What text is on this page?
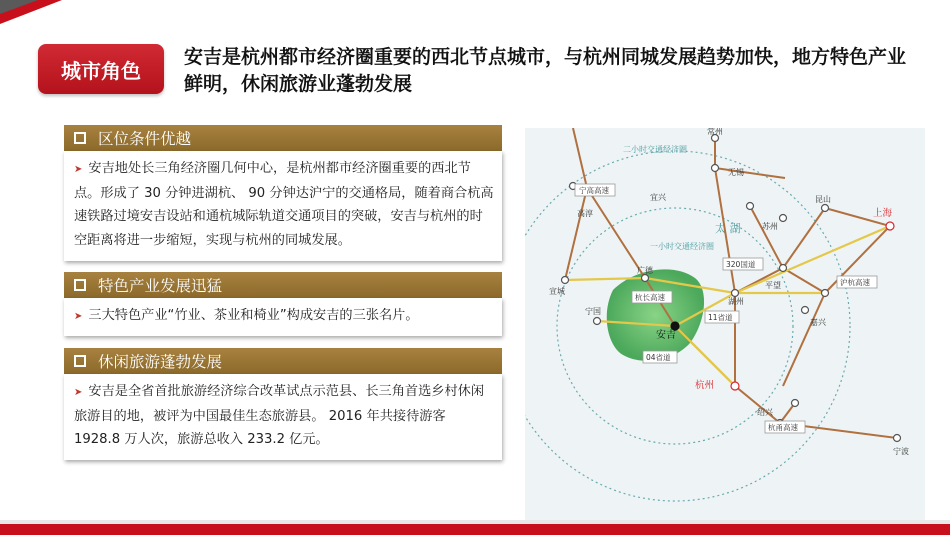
城市角色
安吉是杭州都市经济圈重要的西北节点城市，与杭州同城发展趋势加快，地方特色产业鲜明，休闲旅游业蓬勃发展
区位条件优越
➤ 安吉地处长三角经济圈几何中心，是杭州都市经济圈重要的西北节点。形成了 30 分钟进湖杭、 90 分钟达沪宁的交通格局，随着商合杭高速铁路过境安吉设站和通杭城际轨道交通项目的突破，安吉与杭州的时空距离将进一步缩短，实现与杭州的同城发展。
特色产业发展迅猛
➤ 三大特色产业“竹业、茶业和椅业”构成安吉的三张名片。
休闲旅游蓬勃发展
➤ 安吉是全省首批旅游经济综合改革试点示范县、长三角首选乡村休闲旅游目的地，被评为中国最佳生态旅游县。 2016 年共接待游客 1928.8 万人次，旅游总收入 233.2 亿元。
二小时交通经济圈
一小时交通经济圈
太 湖
常州
无锡
昆山
上海
苏州
高淳
宜兴
广德
宣城
宁国
安吉
湖州
平望
嘉兴
杭州
绍兴
宁波
宁高高速
杭长高速
320国道
11省道
04省道
沪杭高速
杭甬高速
